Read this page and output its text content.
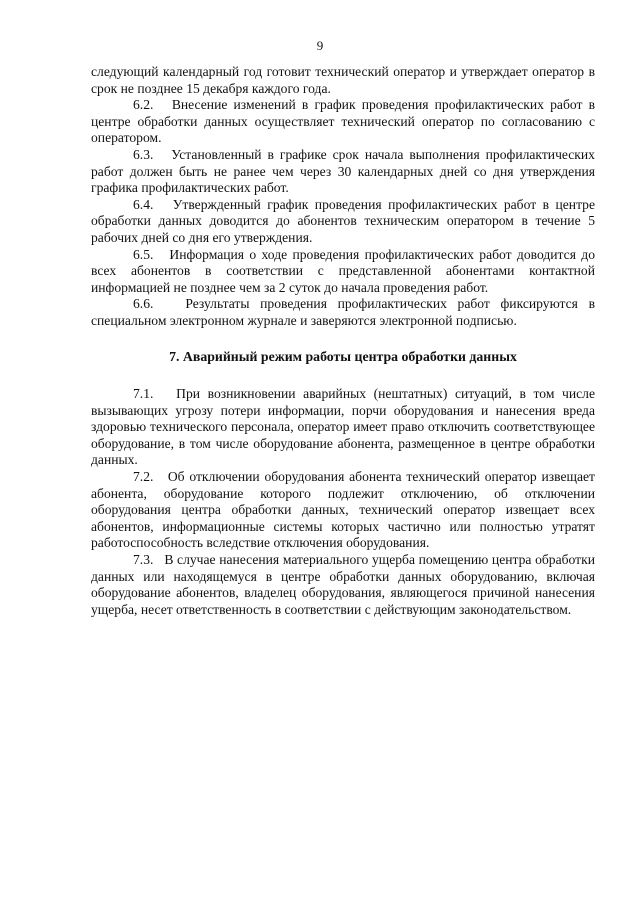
9

следующий календарный год готовит технический оператор и утверждает оператор в срок не позднее 15 декабря каждого года.

6.2. Внесение изменений в график проведения профилактических работ в центре обработки данных осуществляет технический оператор по согласованию с оператором.

6.3. Установленный в графике срок начала выполнения профилактических работ должен быть не ранее чем через 30 календарных дней со дня утверждения графика профилактических работ.

6.4. Утвержденный график проведения профилактических работ в центре обработки данных доводится до абонентов техническим оператором в течение 5 рабочих дней со дня его утверждения.

6.5. Информация о ходе проведения профилактических работ доводится до всех абонентов в соответствии с представленной абонентами контактной информацией не позднее чем за 2 суток до начала проведения работ.

6.6. Результаты проведения профилактических работ фиксируются в специальном электронном журнале и заверяются электронной подписью.

7. Аварийный режим работы центра обработки данных

7.1. При возникновении аварийных (нештатных) ситуаций, в том числе вызывающих угрозу потери информации, порчи оборудования и нанесения вреда здоровью технического персонала, оператор имеет право отключить соответствующее оборудование, в том числе оборудование абонента, размещенное в центре обработки данных.

7.2. Об отключении оборудования абонента технический оператор извещает абонента, оборудование которого подлежит отключению, об отключении оборудования центра обработки данных, технический оператор извещает всех абонентов, информационные системы которых частично или полностью утратят работоспособность вследствие отключения оборудования.

7.3. В случае нанесения материального ущерба помещению центра обработки данных или находящемуся в центре обработки данных оборудованию, включая оборудование абонентов, владелец оборудования, являющегося причиной нанесения ущерба, несет ответственность в соответствии с действующим законодательством.
